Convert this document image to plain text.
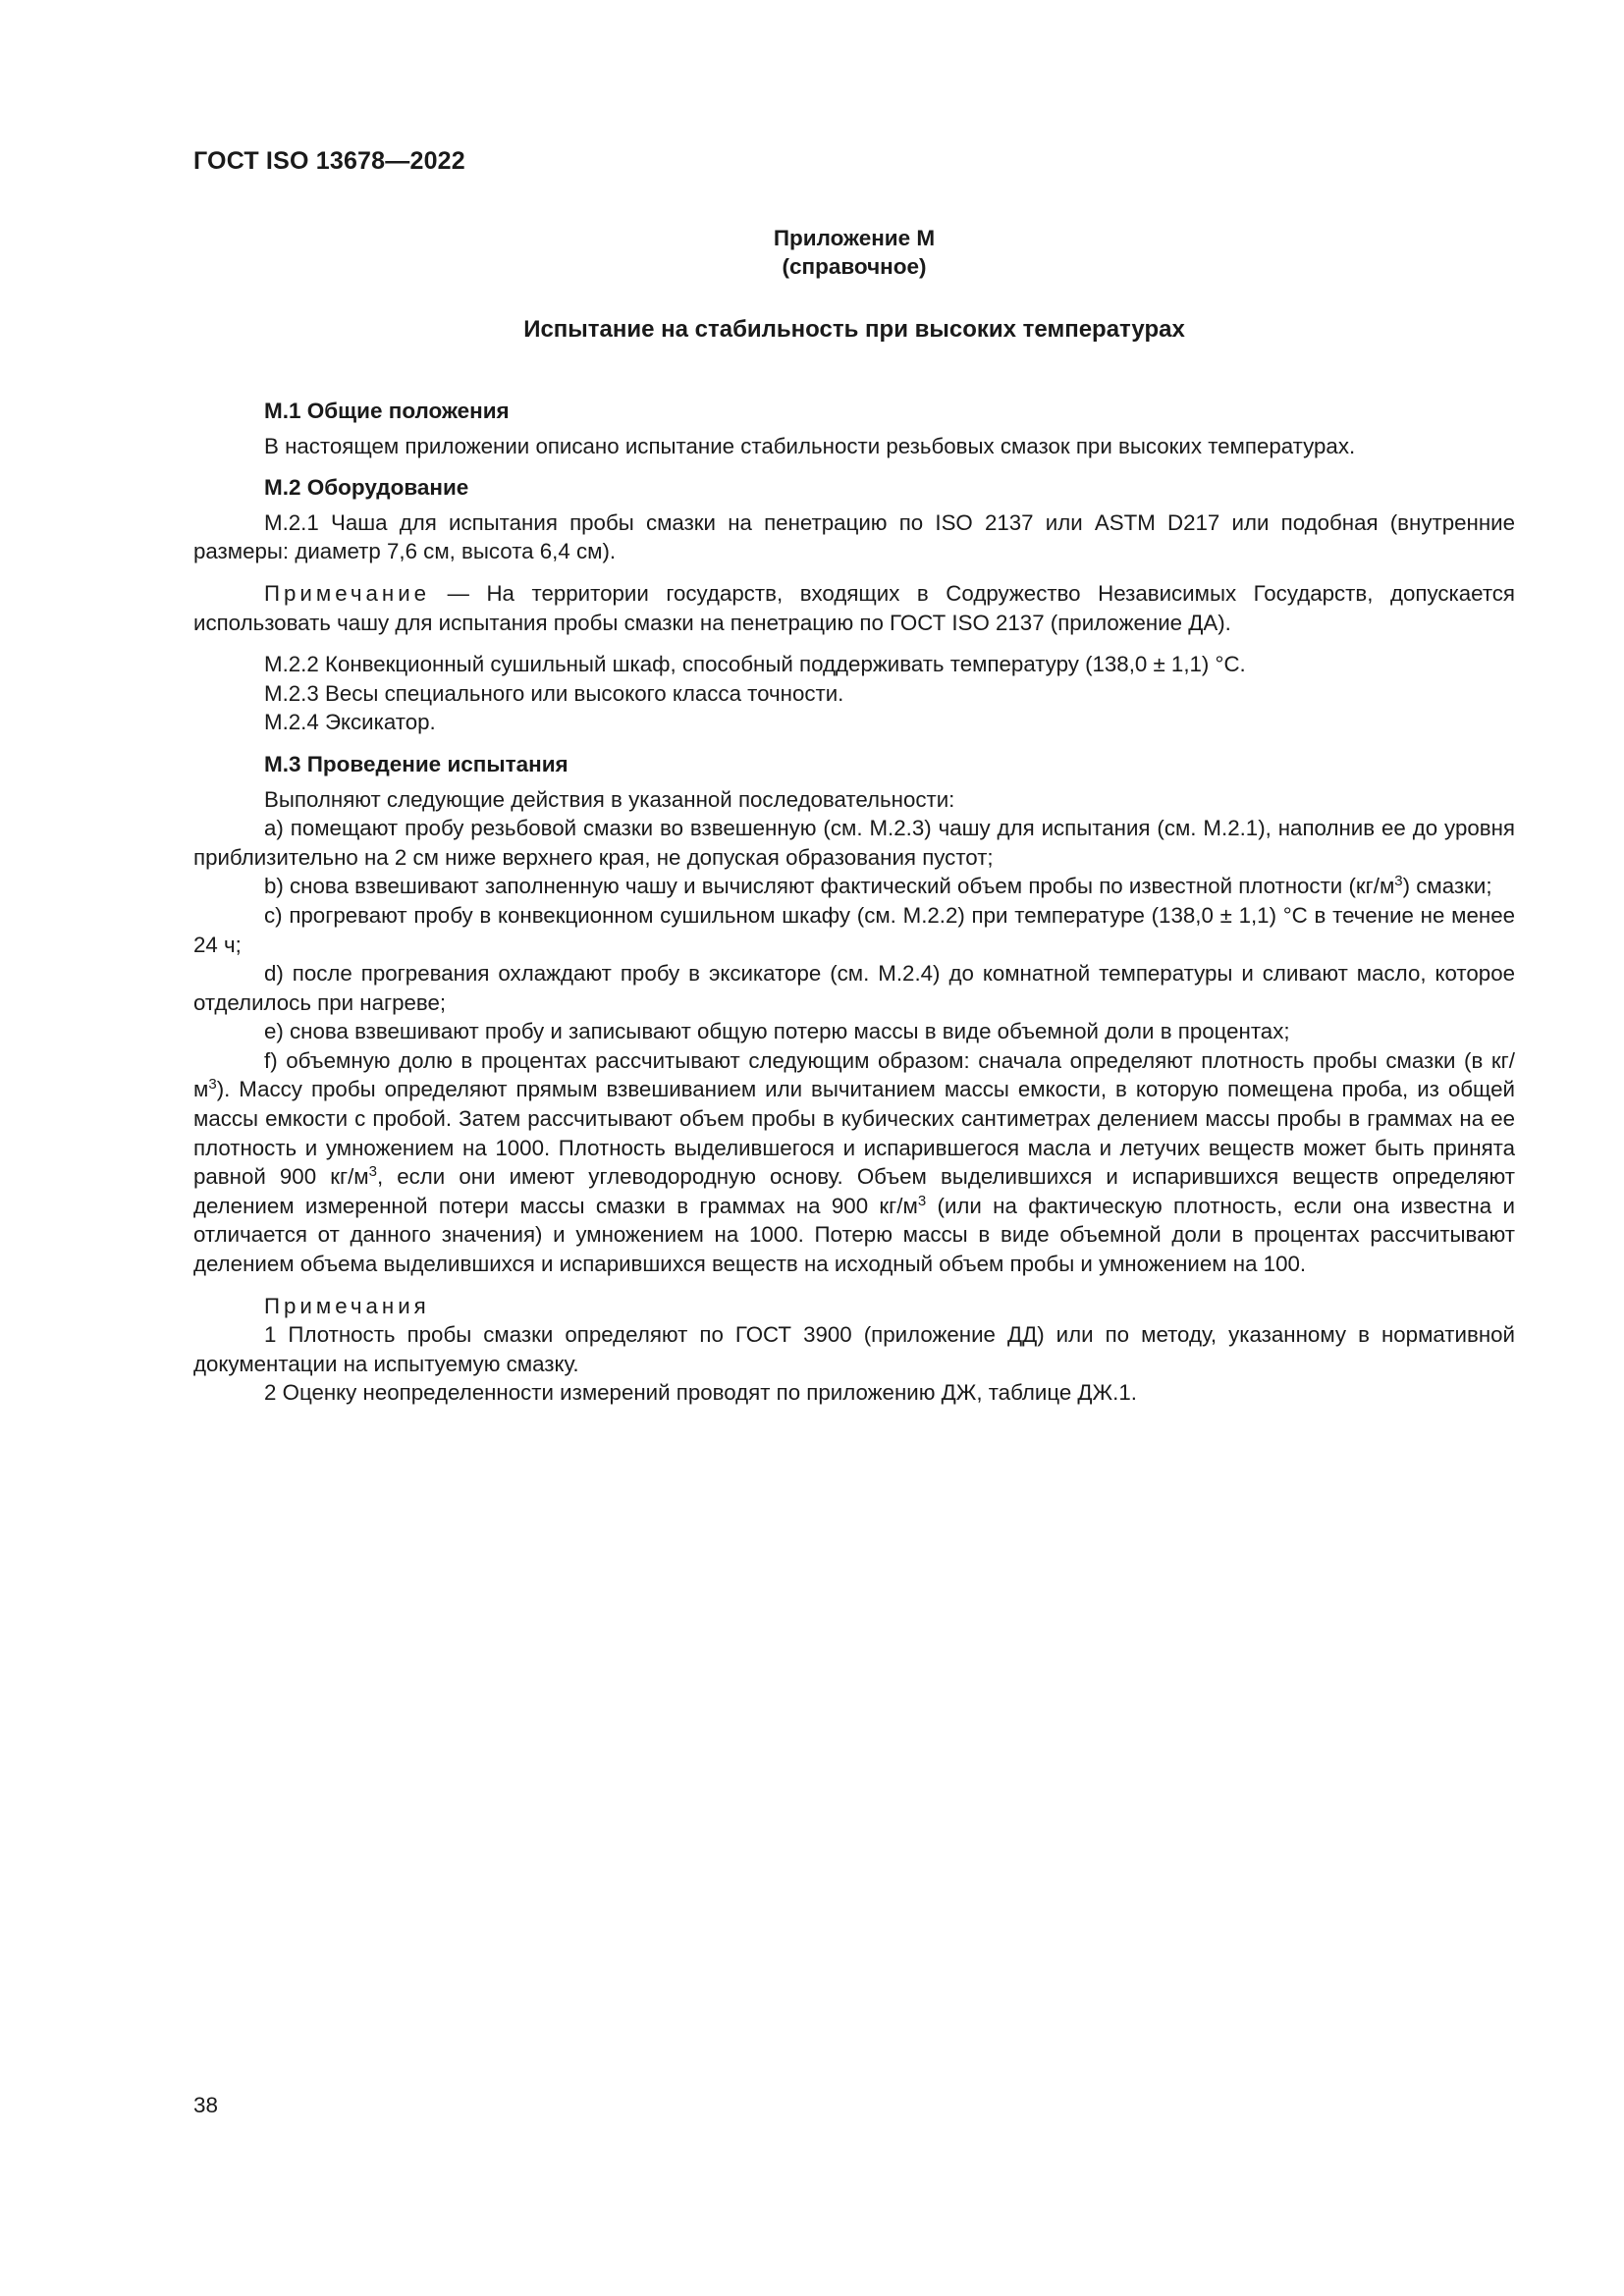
ГОСТ ISO 13678—2022
Приложение М
(справочное)
Испытание на стабильность при высоких температурах
М.1 Общие положения

В настоящем приложении описано испытание стабильности резьбовых смазок при высоких температурах.

М.2 Оборудование

М.2.1 Чаша для испытания пробы смазки на пенетрацию по ISO 2137 или ASTM D217 или подобная (внутренние размеры: диаметр 7,6 см, высота 6,4 см).

Примечание — На территории государств, входящих в Содружество Независимых Государств, допускается использовать чашу для испытания пробы смазки на пенетрацию по ГОСТ ISO 2137 (приложение ДА).

М.2.2 Конвекционный сушильный шкаф, способный поддерживать температуру (138,0 ± 1,1) °С.

М.2.3 Весы специального или высокого класса точности.

М.2.4 Эксикатор.

М.3 Проведение испытания

Выполняют следующие действия в указанной последовательности:

a) помещают пробу резьбовой смазки во взвешенную (см. М.2.3) чашу для испытания (см. М.2.1), наполнив ее до уровня приблизительно на 2 см ниже верхнего края, не допуская образования пустот;

b) снова взвешивают заполненную чашу и вычисляют фактический объем пробы по известной плотности $(кг/м^3)$ смазки;

c) прогревают пробу в конвекционном сушильном шкафу (см. М.2.2) при температуре (138,0 ± 1,1) °С в течение не менее 24 ч;

d) после прогревания охлаждают пробу в эксикаторе (см. М.2.4) до комнатной температуры и сливают масло, которое отделилось при нагреве;

e) снова взвешивают пробу и записывают общую потерю массы в виде объемной доли в процентах;

f) объемную долю в процентах рассчитывают следующим образом: сначала определяют плотность пробы смазки (в $кг/м^3$). Массу пробы определяют прямым взвешиванием или вычитанием массы емкости, в которую помещена проба, из общей массы емкости с пробой. Затем рассчитывают объем пробы в кубических сантиметрах делением массы пробы в граммах на ее плотность и умножением на 1000. Плотность выделившегося и испарившегося масла и летучих веществ может быть принята равной 900 $кг/м^3$, если они имеют углеводородную основу. Объем выделившихся и испарившихся веществ определяют делением измеренной потери массы смазки в граммах на 900 $кг/м^3$ (или на фактическую плотность, если она известна и отличается от данного значения) и умножением на 1000. Потерю массы в виде объемной доли в процентах рассчитывают делением объема выделившихся и испарившихся веществ на исходный объем пробы и умножением на 100.

Примечания

1 Плотность пробы смазки определяют по ГОСТ 3900 (приложение ДД) или по методу, указанному в нормативной документации на испытуемую смазку.

2 Оценку неопределенности измерений проводят по приложению ДЖ, таблице ДЖ.1.

38
